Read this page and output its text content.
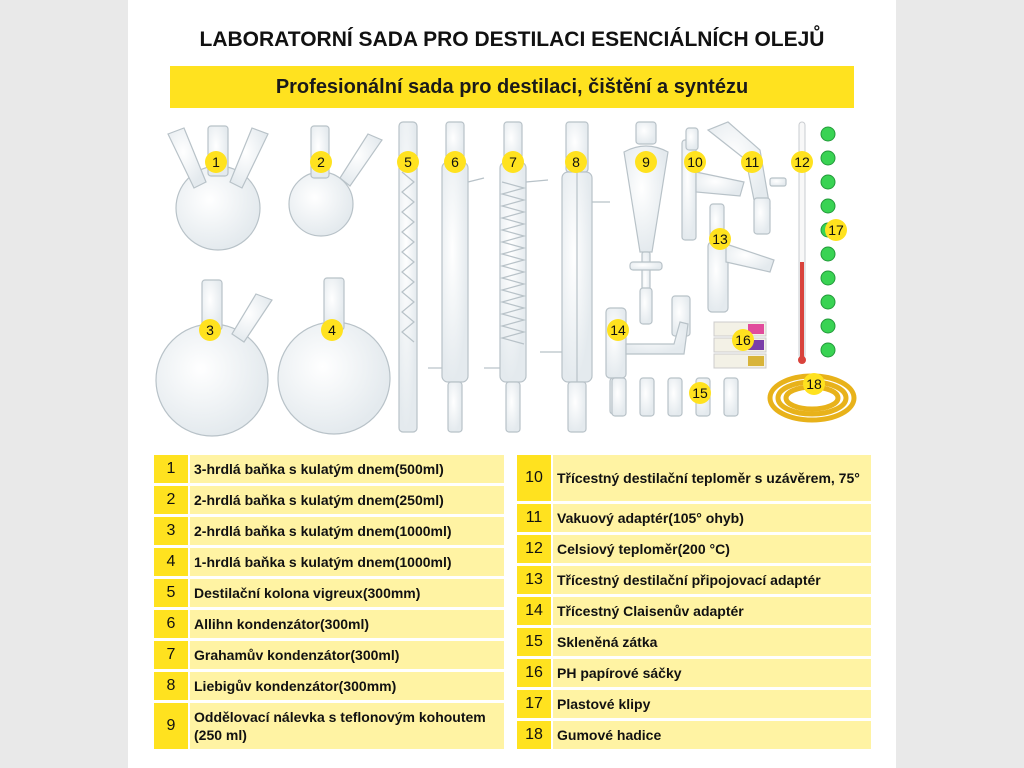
LABORATORNÍ SADA PRO DESTILACI ESENCIÁLNÍCH OLEJŮ
Profesionální sada pro destilaci, čištění a syntézu
1	2
3	4
5	6	7	8	9	10	11 12
13
14
15
16
17
18
1	3-hrdlá baňka s kulatým dnem(500ml)
2	2-hrdlá baňka s kulatým dnem(250ml)
3	2-hrdlá baňka s kulatým dnem(1000ml)
4	1-hrdlá baňka s kulatým dnem(1000ml)
5	Destilační kolona vigreux(300mm)
6	Allihn kondenzátor(300ml)
7	Grahamův kondenzátor(300ml)
8	Liebigův kondenzátor(300mm)
9	Oddělovací nálevka s teflonovým kohoutem (250 ml)
10	Třícestný destilační teploměr s uzávěrem, 75°
11	Vakuový adaptér(105° ohyb)
12	Celsiový teploměr(200 °C)
13	Třícestný destilační připojovací adaptér
14	Třícestný Claisenův adaptér
15	Skleněná zátka
16	PH papírové sáčky
17	Plastové klipy
18	Gumové hadice
